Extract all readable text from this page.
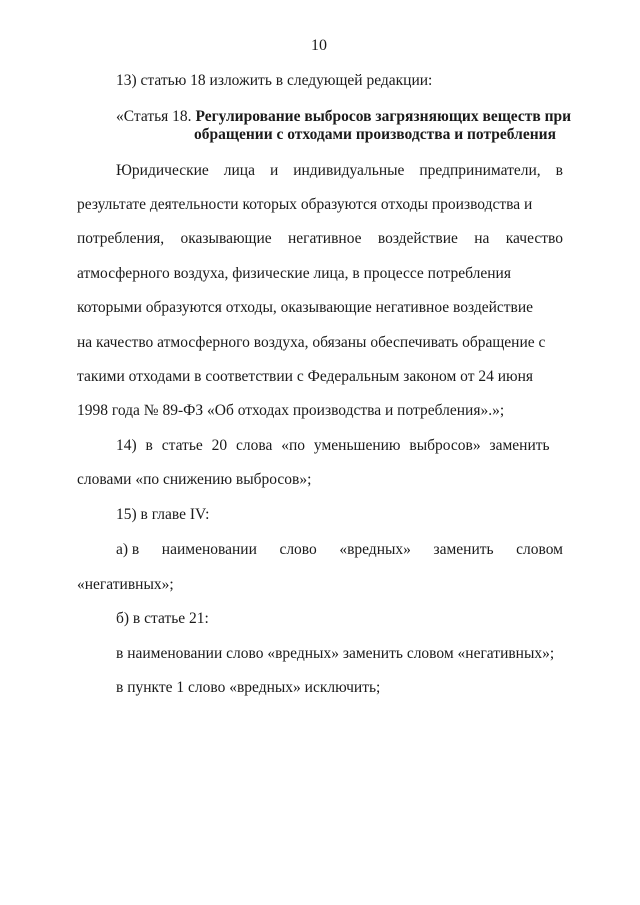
10
13) статью 18 изложить в следующей редакции:
«Статья 18. Регулирование выбросов загрязняющих веществ при
обращении с отходами производства и потребления
Юридические лица и индивидуальные предприниматели, в
результате деятельности которых образуются отходы производства и
потребления, оказывающие негативное воздействие на качество
атмосферного воздуха, физические лица, в процессе потребления
которыми образуются отходы, оказывающие негативное воздействие
на качество атмосферного воздуха, обязаны обеспечивать обращение с
такими отходами в соответствии с Федеральным законом от 24 июня
1998 года № 89-ФЗ «Об отходах производства и потребления».»;
14) в статье 20 слова «по уменьшению выбросов» заменить
словами «по снижению выбросов»;
15) в главе IV:
а) в наименовании слово «вредных» заменить словом
«негативных»;
б) в статье 21:
в наименовании слово «вредных» заменить словом «негативных»;
в пункте 1 слово «вредных» исключить;
